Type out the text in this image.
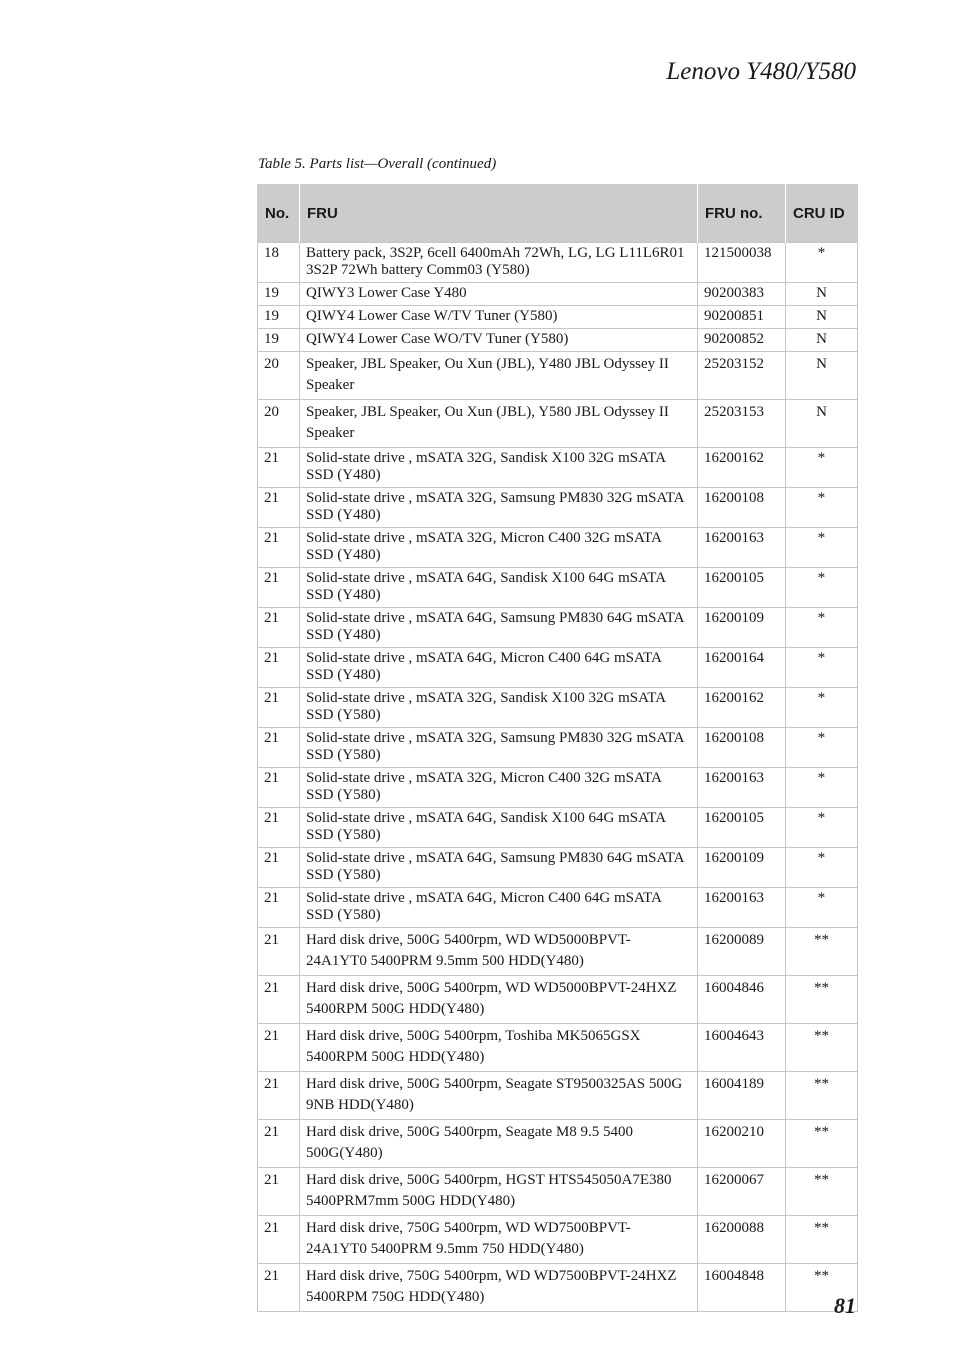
Lenovo Y480/Y580
Table 5. Parts list—Overall (continued)
No.	FRU	FRU no.	CRU ID
18	Battery pack, 3S2P, 6cell 6400mAh 72Wh, LG, LG L11L6R01 3S2P 72Wh battery Comm03 (Y580)	121500038	*
19	QIWY3 Lower Case Y480	90200383	N
19	QIWY4 Lower Case W/TV Tuner (Y580)	90200851	N
19	QIWY4 Lower Case WO/TV Tuner (Y580)	90200852	N
20	Speaker, JBL Speaker, Ou Xun (JBL), Y480 JBL Odyssey II Speaker	25203152	N
20	Speaker, JBL Speaker, Ou Xun (JBL), Y580 JBL Odyssey II Speaker	25203153	N
21	Solid-state drive , mSATA 32G, Sandisk X100 32G mSATA SSD (Y480)	16200162	*
21	Solid-state drive , mSATA 32G, Samsung PM830 32G mSATA SSD (Y480)	16200108	*
21	Solid-state drive , mSATA 32G, Micron C400 32G mSATA SSD (Y480)	16200163	*
21	Solid-state drive , mSATA 64G, Sandisk X100 64G mSATA SSD (Y480)	16200105	*
21	Solid-state drive , mSATA 64G, Samsung PM830 64G mSATA SSD (Y480)	16200109	*
21	Solid-state drive , mSATA 64G, Micron C400 64G mSATA SSD (Y480)	16200164	*
21	Solid-state drive , mSATA 32G, Sandisk X100 32G mSATA SSD (Y580)	16200162	*
21	Solid-state drive , mSATA 32G, Samsung PM830 32G mSATA SSD (Y580)	16200108	*
21	Solid-state drive , mSATA 32G, Micron C400 32G mSATA SSD (Y580)	16200163	*
21	Solid-state drive , mSATA 64G, Sandisk X100 64G mSATA SSD (Y580)	16200105	*
21	Solid-state drive , mSATA 64G, Samsung PM830 64G mSATA SSD (Y580)	16200109	*
21	Solid-state drive , mSATA 64G, Micron C400 64G mSATA SSD (Y580)	16200163	*
21	Hard disk drive, 500G 5400rpm, WD WD5000BPVT-24A1YT0 5400PRM 9.5mm 500 HDD(Y480)	16200089	**
21	Hard disk drive, 500G 5400rpm, WD WD5000BPVT-24HXZ 5400RPM 500G HDD(Y480)	16004846	**
21	Hard disk drive, 500G 5400rpm, Toshiba MK5065GSX 5400RPM 500G HDD(Y480)	16004643	**
21	Hard disk drive, 500G 5400rpm, Seagate ST9500325AS 500G 9NB HDD(Y480)	16004189	**
21	Hard disk drive, 500G 5400rpm, Seagate M8 9.5 5400 500G(Y480)	16200210	**
21	Hard disk drive, 500G 5400rpm, HGST HTS545050A7E380 5400PRM7mm 500G HDD(Y480)	16200067	**
21	Hard disk drive, 750G 5400rpm, WD WD7500BPVT-24A1YT0 5400PRM 9.5mm 750 HDD(Y480)	16200088	**
21	Hard disk drive, 750G 5400rpm, WD WD7500BPVT-24HXZ 5400RPM 750G HDD(Y480)	16004848	**
81
